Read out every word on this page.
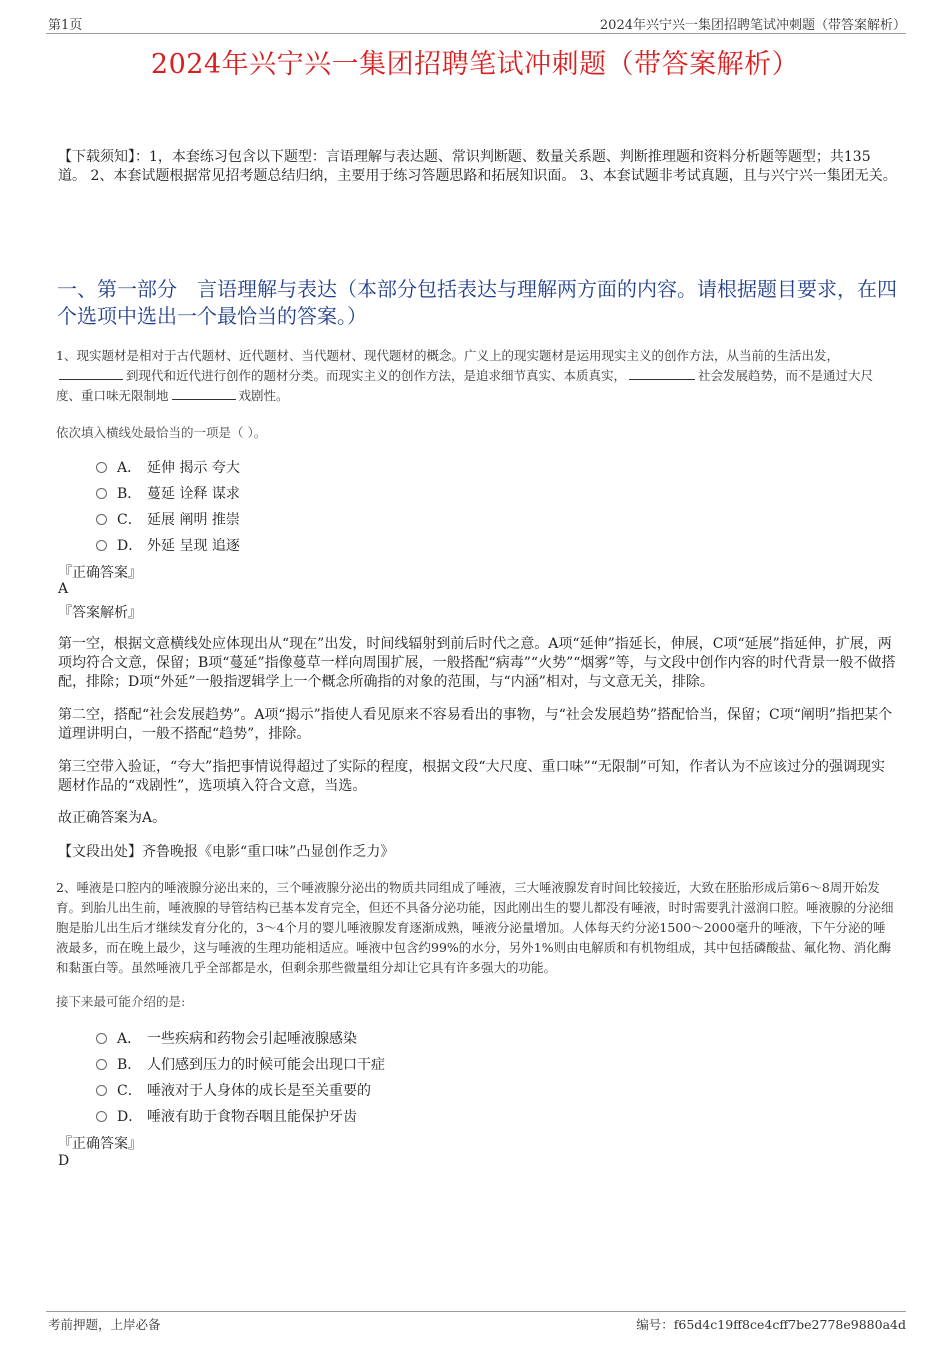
第1页	2024年兴宁兴一集团招聘笔试冲刺题（带答案解析）
2024年兴宁兴一集团招聘笔试冲刺题（带答案解析）
【下载须知】：1，本套练习包含以下题型：言语理解与表达题、常识判断题、数量关系题、判断推理题和资料分析题等题型；共135道。 2、本套试题根据常见招考题总结归纳，主要用于练习答题思路和拓展知识面。 3、本套试题非考试真题，且与兴宁兴一集团无关。
一、第一部分　言语理解与表达（本部分包括表达与理解两方面的内容。请根据题目要求，在四个选项中选出一个最恰当的答案。）
1、现实题材是相对于古代题材、近代题材、当代题材、现代题材的概念。广义上的现实题材是运用现实主义的创作方法，从当前的生活出发，到现代和近代进行创作的题材分类。而现实主义的创作方法，是追求细节真实、本质真实，	社会发展趋势，而不是通过大尺度、重口味无限制地	戏剧性。
依次填入横线处最恰当的一项是（ ）。
A． 延伸 揭示 夸大
B． 蔓延 诠释 谋求
C． 延展 阐明 推崇
D． 外延 呈现 追逐
『正确答案』
A
『答案解析』
第一空，根据文意横线处应体现出从“现在”出发，时间线辐射到前后时代之意。A项“延伸”指延长，伸展，C项“延展”指延伸，扩展，两项均符合文意，保留；B项“蔓延”指像蔓草一样向周围扩展，一般搭配“病毒”“火势”“烟雾”等，与文段中创作内容的时代背景一般不做搭配，排除；D项“外延”一般指逻辑学上一个概念所确指的对象的范围，与“内涵”相对，与文意无关，排除。
第二空，搭配“社会发展趋势”。A项“揭示”指使人看见原来不容易看出的事物，与“社会发展趋势”搭配恰当，保留；C项“阐明”指把某个道理讲明白，一般不搭配“趋势”，排除。
第三空带入验证，“夸大”指把事情说得超过了实际的程度，根据文段“大尺度、重口味”“无限制”可知，作者认为不应该过分的强调现实题材作品的“戏剧性”，选项填入符合文意，当选。
故正确答案为A。
【文段出处】齐鲁晚报《电影“重口味”凸显创作乏力》
2、唾液是口腔内的唾液腺分泌出来的，三个唾液腺分泌出的物质共同组成了唾液，三大唾液腺发育时间比较接近，大致在胚胎形成后第6～8周开始发育。到胎儿出生前，唾液腺的导管结构已基本发育完全，但还不具备分泌功能，因此刚出生的婴儿都没有唾液，时时需要乳汁滋润口腔。唾液腺的分泌细胞是胎儿出生后才继续发育分化的，3～4个月的婴儿唾液腺发育逐渐成熟，唾液分泌量增加。人体每天约分泌1500～2000毫升的唾液，下午分泌的唾液最多，而在晚上最少，这与唾液的生理功能相适应。唾液中包含约99%的水分，另外1%则由电解质和有机物组成，其中包括磷酸盐、氟化物、消化酶和黏蛋白等。虽然唾液几乎全部都是水，但剩余那些微量组分却让它具有许多强大的功能。
接下来最可能介绍的是:
A． 一些疾病和药物会引起唾液腺感染
B． 人们感到压力的时候可能会出现口干症
C． 唾液对于人身体的成长是至关重要的
D． 唾液有助于食物吞咽且能保护牙齿
『正确答案』
D
考前押题，上岸必备	编号：f65d4c19ff8ce4cff7be2778e9880a4d
